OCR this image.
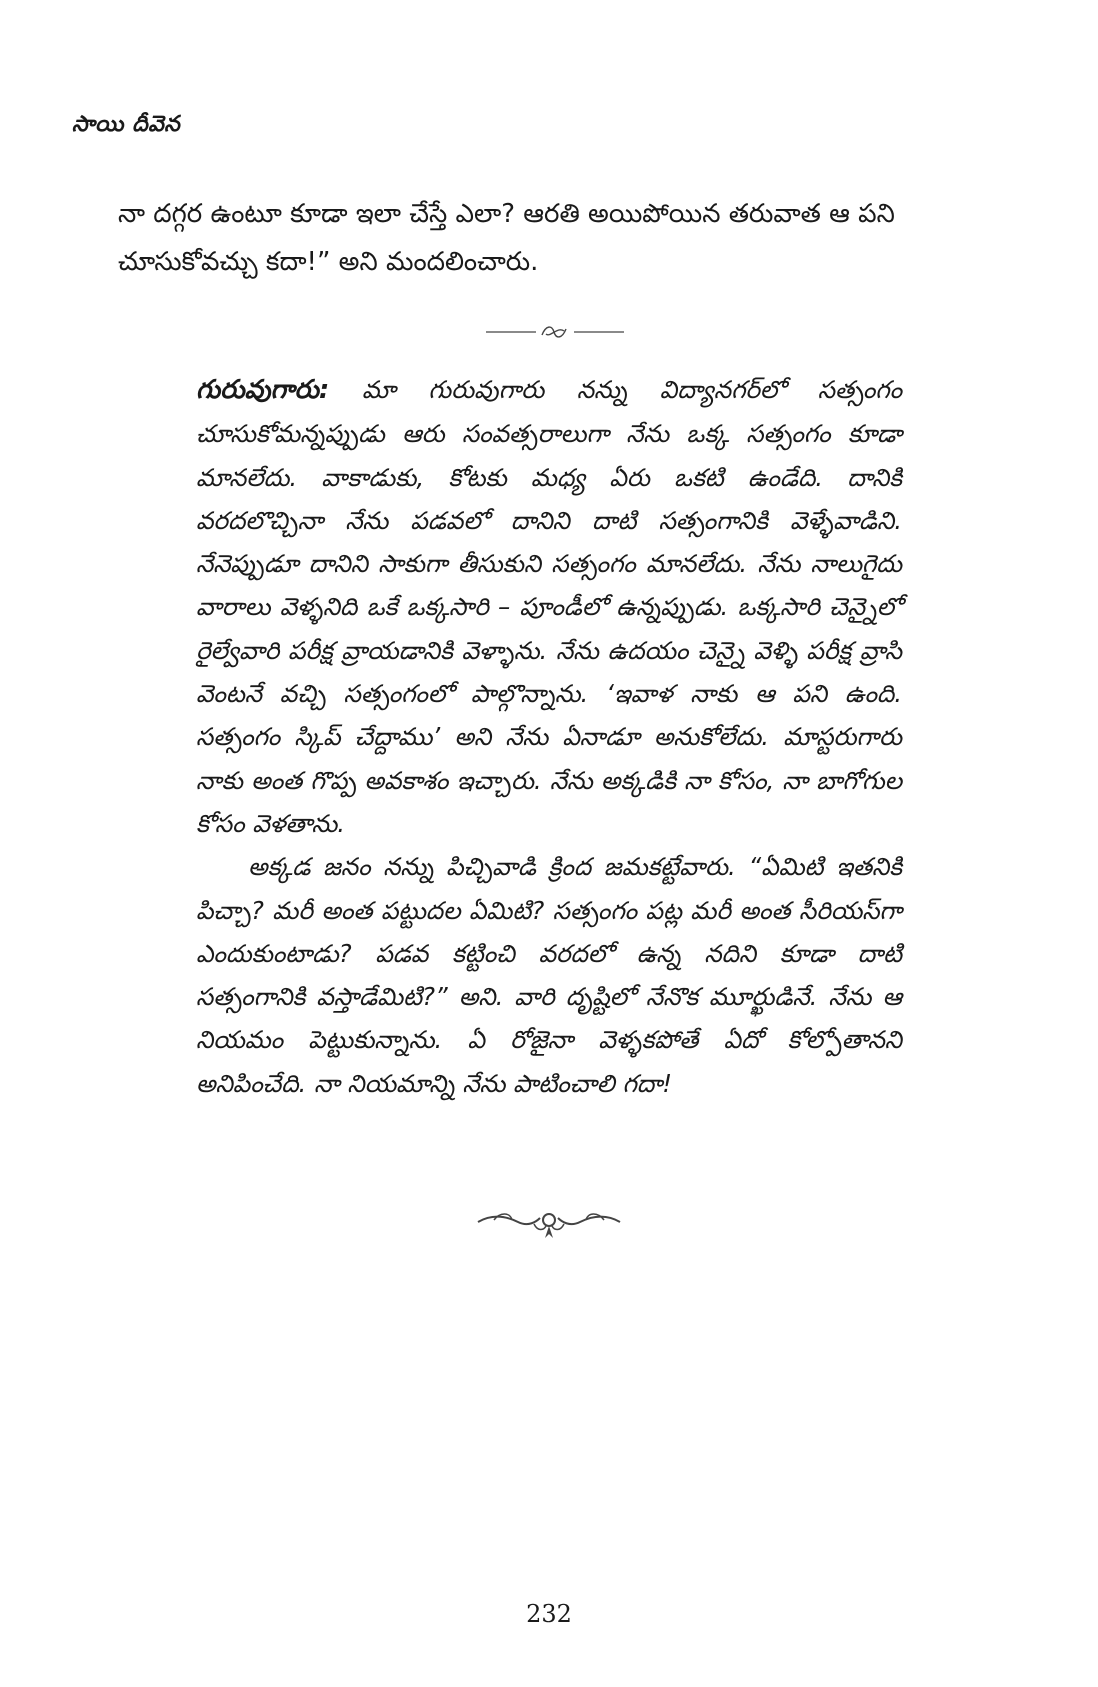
సాయి దీవెన

నా దగ్గర ఉంటూ కూడా ఇలా చేస్తే ఎలా? ఆరతి అయిపోయిన తరువాత ఆ పని

చూసుకోవచ్చు కదా!” అని మందలించారు.

గురువుగారు: మా గురువుగారు నన్ను విద్యానగర్‌లో సత్సంగం చూసుకోమన్నప్పుడు ఆరు సంవత్సరాలుగా నేను ఒక్క సత్సంగం కూడా మానలేదు. వాకాడుకు, కోటకు మధ్య ఏరు ఒకటి ఉండేది. దానికి వరదలొచ్చినా నేను పడవలో దానిని దాటి సత్సంగానికి వెళ్ళేవాడిని. నేనెప్పుడూ దానిని సాకుగా తీసుకుని సత్సంగం మానలేదు. నేను నాలుగైదు వారాలు వెళ్ళనిది ఒకే ఒక్కసారి – పూండీలో ఉన్నప్పుడు. ఒక్కసారి చెన్నైలో రైల్వేవారి పరీక్ష వ్రాయడానికి వెళ్ళాను. నేను ఉదయం చెన్నై వెళ్ళి పరీక్ష వ్రాసి వెంటనే వచ్చి సత్సంగంలో పాల్గొన్నాను. ‘ఇవాళ నాకు ఆ పని ఉంది. సత్సంగం స్కిప్ చేద్దాము’ అని నేను ఏనాడూ అనుకోలేదు. మాస్టరుగారు నాకు అంత గొప్ప అవకాశం ఇచ్చారు. నేను అక్కడికి నా కోసం, నా బాగోగుల కోసం వెళతాను.

అక్కడ జనం నన్ను పిచ్చివాడి క్రింద జమకట్టేవారు. “ఏమిటి ఇతనికి పిచ్చా? మరీ అంత పట్టుదల ఏమిటి? సత్సంగం పట్ల మరీ అంత సీరియస్‌గా ఎందుకుంటాడు? పడవ కట్టించి వరదలో ఉన్న నదిని కూడా దాటి సత్సంగానికి వస్తాడేమిటి?” అని. వారి దృష్టిలో నేనొక మూర్ఖుడినే. నేను ఆ నియమం పెట్టుకున్నాను. ఏ రోజైనా వెళ్ళకపోతే ఏదో కోల్పోతానని అనిపించేది. నా నియమాన్ని నేను పాటించాలి గదా!

232
